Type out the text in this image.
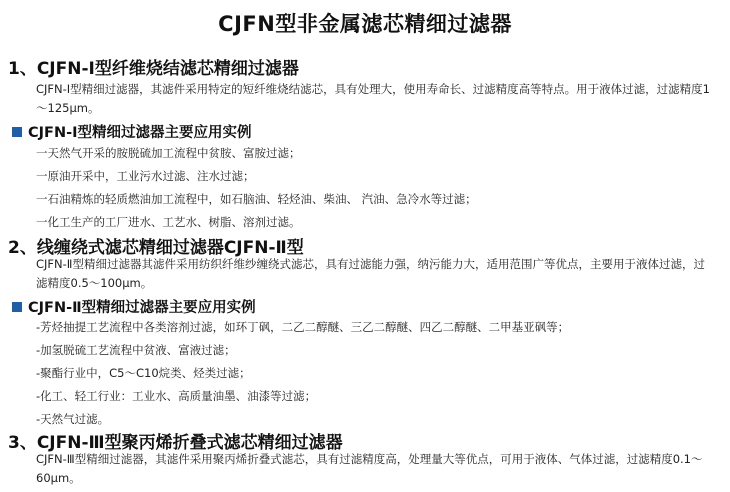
CJFN型非金属滤芯精细过滤器
1、CJFN-Ⅰ型纤维烧结滤芯精细过滤器
CJFN-Ⅰ型精细过滤器，其滤件采用特定的短纤维烧结滤芯，具有处理大，使用寿命长、过滤精度高等特点。用于液体过滤，过滤精度1～125μm。
CJFN-Ⅰ型精细过滤器主要应用实例
一天然气开采的胺脱硫加工流程中贫胺、富胺过滤；
一原油开采中，工业污水过滤、注水过滤；
一石油精炼的轻质燃油加工流程中，如石脑油、轻烃油、柴油、 汽油、急冷水等过滤；
一化工生产的工厂进水、工艺水、树脂、溶剂过滤。
2、线缠绕式滤芯精细过滤器CJFN-Ⅱ型
CJFN-Ⅱ型精细过滤器其滤件采用纺织纤维纱缠绕式滤芯，具有过滤能力强，纳污能力大，适用范围广等优点，主要用于液体过滤，过滤精度0.5～100μm。
CJFN-Ⅱ型精细过滤器主要应用实例
-芳烃抽提工艺流程中各类溶剂过滤，如环丁砜，二乙二醇醚、三乙二醇醚、四乙二醇醚、二甲基亚砜等；
-加氢脱硫工艺流程中贫液、富液过滤；
-聚酯行业中，C5～C10烷类、烃类过滤；
-化工、轻工行业：工业水、高质量油墨、油漆等过滤；
-天然气过滤。
3、CJFN-Ⅲ型聚丙烯折叠式滤芯精细过滤器
CJFN-Ⅲ型精细过滤器，其滤件采用聚丙烯折叠式滤芯，具有过滤精度高，处理量大等优点，可用于液体、气体过滤，过滤精度0.1～60μm。
